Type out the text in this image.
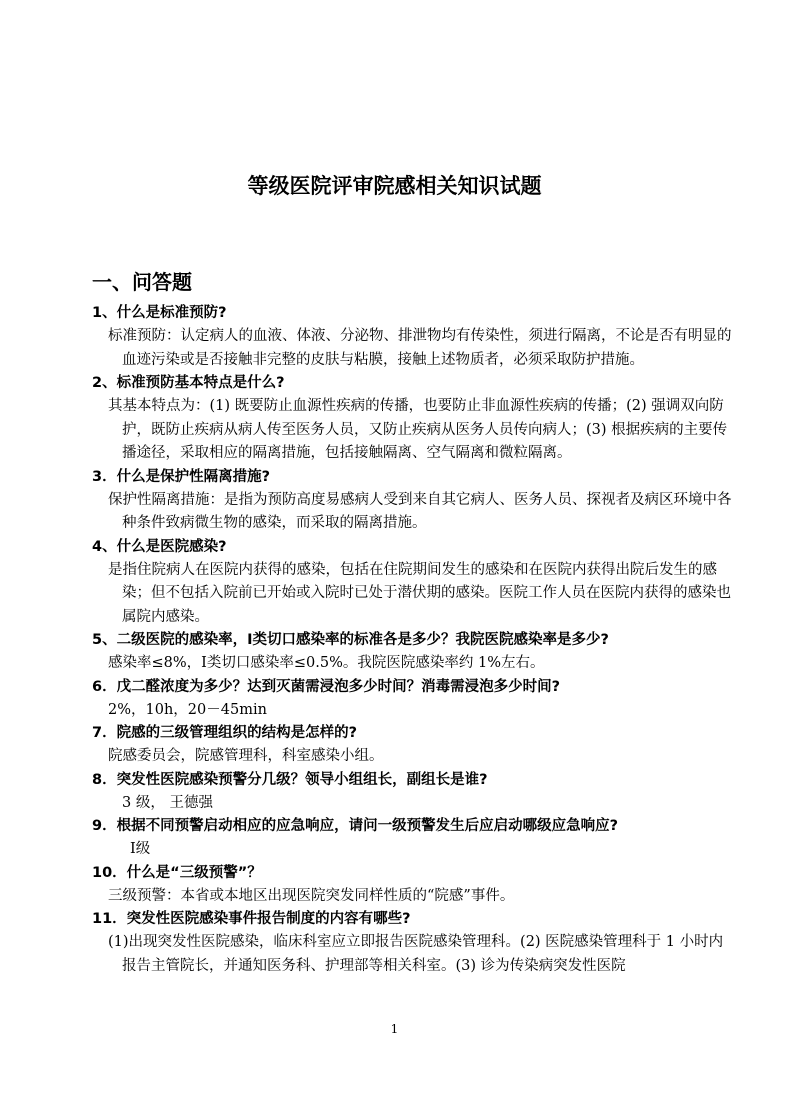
等级医院评审院感相关知识试题
一、问答题
1、什么是标准预防?
标准预防：认定病人的血液、体液、分泌物、排泄物均有传染性，须进行隔离，不论是否有明显的血迹污染或是否接触非完整的皮肤与粘膜，接触上述物质者，必须采取防护措施。
2、标准预防基本特点是什么?
其基本特点为：(1) 既要防止血源性疾病的传播，也要防止非血源性疾病的传播；(2) 强调双向防护，既防止疾病从病人传至医务人员，又防止疾病从医务人员传向病人；(3) 根据疾病的主要传播途径，采取相应的隔离措施，包括接触隔离、空气隔离和微粒隔离。
3．什么是保护性隔离措施?
保护性隔离措施：是指为预防高度易感病人受到来自其它病人、医务人员、探视者及病区环境中各种条件致病微生物的感染，而采取的隔离措施。
4、什么是医院感染?
是指住院病人在医院内获得的感染，包括在住院期间发生的感染和在医院内获得出院后发生的感染；但不包括入院前已开始或入院时已处于潜伏期的感染。医院工作人员在医院内获得的感染也属院内感染。
5、二级医院的感染率，Ⅰ类切口感染率的标准各是多少？我院医院感染率是多少?
感染率≤8%，Ⅰ类切口感染率≤0.5%。我院医院感染率约 1%左右。
6．戊二醛浓度为多少？达到灭菌需浸泡多少时间？消毒需浸泡多少时间?
2%，10h，20－45min
7．院感的三级管理组织的结构是怎样的?
院感委员会，院感管理科，科室感染小组。
8．突发性医院感染预警分几级？领导小组组长，副组长是谁?
3 级， 王德强
9．根据不同预警启动相应的应急响应，请问一级预警发生后应启动哪级应急响应?
Ⅰ级
10．什么是“三级预警”？
三级预警：本省或本地区出现医院突发同样性质的“院感”事件。
11．突发性医院感染事件报告制度的内容有哪些?
(1)出现突发性医院感染，临床科室应立即报告医院感染管理科。(2) 医院感染管理科于 1 小时内报告主管院长，并通知医务科、护理部等相关科室。(3) 诊为传染病突发性医院
1
